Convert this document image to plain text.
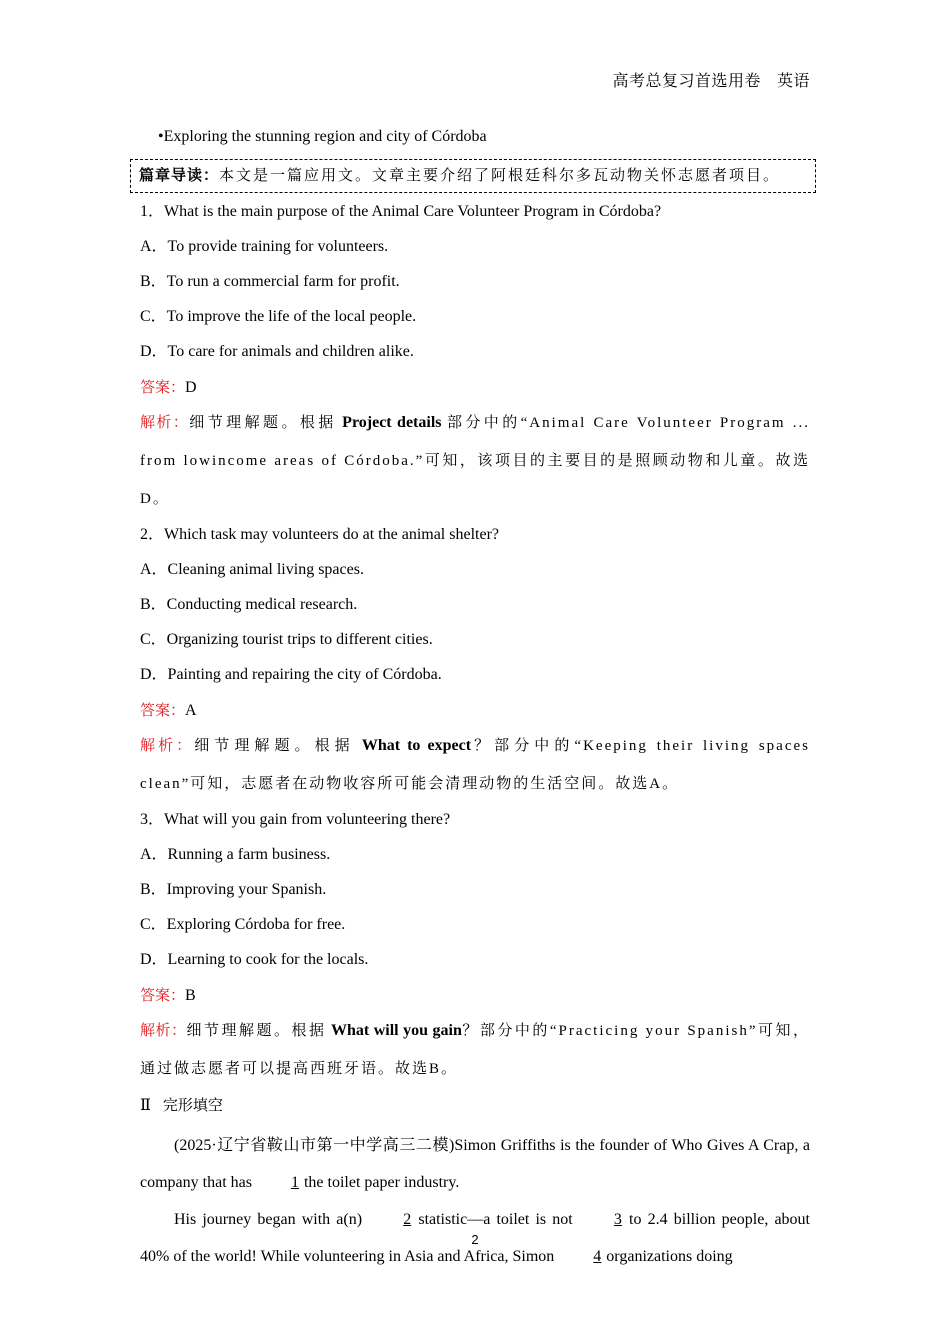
高考总复习首选用卷 英语
•Exploring the stunning region and city of Córdoba
篇章导读：本文是一篇应用文。文章主要介绍了阿根廷科尔多瓦动物关怀志愿者项目。
1．What is the main purpose of the Animal Care Volunteer Program in Córdoba?
A．To provide training for volunteers.
B．To run a commercial farm for profit.
C．To improve the life of the local people.
D．To care for animals and children alike.
答案：D
解析：细节理解题。根据 Project details 部分中的“Animal Care Volunteer Program ... from lowincome areas of Córdoba.”可知，该项目的主要目的是照顾动物和儿童。故选D。
2．Which task may volunteers do at the animal shelter?
A．Cleaning animal living spaces.
B．Conducting medical research.
C．Organizing tourist trips to different cities.
D．Painting and repairing the city of Córdoba.
答案：A
解析：细节理解题。根据 What to expect？部分中的“Keeping their living spaces clean”可知，志愿者在动物收容所可能会清理动物的生活空间。故选A。
3．What will you gain from volunteering there?
A．Running a farm business.
B．Improving your Spanish.
C．Exploring Córdoba for free.
D．Learning to cook for the locals.
答案：B
解析：细节理解题。根据 What will you gain？部分中的“Practicing your Spanish”可知，通过做志愿者可以提高西班牙语。故选B。
Ⅱ 完形填空
(2025·辽宁省鞍山市第一中学高三二模)Simon Griffiths is the founder of Who Gives A Crap, a company that has 1 the toilet paper industry.
His journey began with a(n) 2 statistic—a toilet is not 3 to 2.4 billion people, about 40% of the world! While volunteering in Asia and Africa, Simon 4 organizations doing
2
